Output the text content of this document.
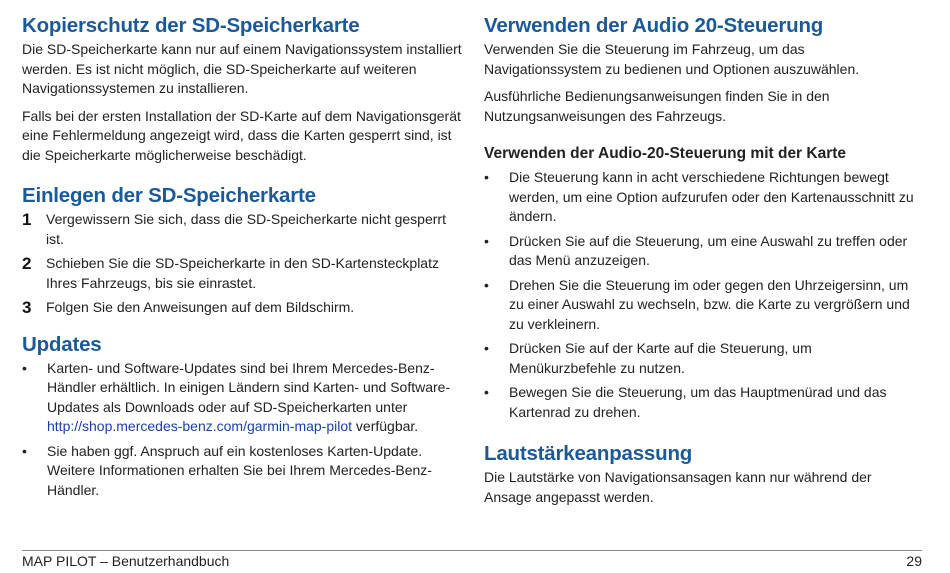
Kopierschutz der SD-Speicherkarte

Die SD-Speicherkarte kann nur auf einem Navigationssystem installiert werden. Es ist nicht möglich, die SD-Speicherkarte auf weiteren Navigationssystemen zu installieren.

Falls bei der ersten Installation der SD-Karte auf dem Navigationsgerät eine Fehlermeldung angezeigt wird, dass die Karten gesperrt sind, ist die Speicherkarte möglicherweise beschädigt.

Einlegen der SD-Speicherkarte
1	Vergewissern Sie sich, dass die SD-Speicherkarte nicht gesperrt ist.
2	Schieben Sie die SD-Speicherkarte in den SD-Kartensteckplatz Ihres Fahrzeugs, bis sie einrastet.
3	Folgen Sie den Anweisungen auf dem Bildschirm.
Updates
•	Karten- und Software-Updates sind bei Ihrem Mercedes-Benz-Händler erhältlich. In einigen Ländern sind Karten- und Software-Updates als Downloads oder auf SD-Speicherkarten unter
http://shop.mercedes-benz.com/garmin-map-pilot verfügbar.
•	Sie haben ggf. Anspruch auf ein kostenloses Karten-Update. Weitere Informationen erhalten Sie bei Ihrem Mercedes-Benz-Händler.
Verwenden der Audio 20-Steuerung

Verwenden Sie die Steuerung im Fahrzeug, um das Navigationssystem zu bedienen und Optionen auszuwählen.

Ausführliche Bedienungsanweisungen finden Sie in den Nutzungsanweisungen des Fahrzeugs.

Verwenden der Audio-20-Steuerung mit der Karte
•	Die Steuerung kann in acht verschiedene Richtungen bewegt werden, um eine Option aufzurufen oder den Kartenausschnitt zu ändern.
•	Drücken Sie auf die Steuerung, um eine Auswahl zu treffen oder das Menü anzuzeigen.
•	Drehen Sie die Steuerung im oder gegen den Uhrzeigersinn, um zu einer Auswahl zu wechseln, bzw. die Karte zu vergrößern und zu verkleinern.
•	Drücken Sie auf der Karte auf die Steuerung, um Menükurzbefehle zu nutzen.
•	Bewegen Sie die Steuerung, um das Hauptmenürad und das Kartenrad zu drehen.
Lautstärkeanpassung

Die Lautstärke von Navigationsansagen kann nur während der Ansage angepasst werden.

MAP PILOT – Benutzerhandbuch	29
